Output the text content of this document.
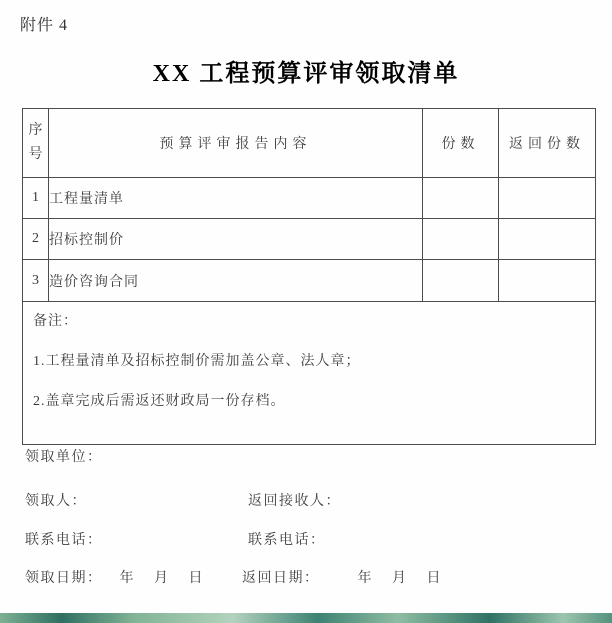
附件 4
XX 工程预算评审领取清单
序号	预算评审报告内容	份数	返回份数
1	工程量清单		
2	招标控制价		
3	造价咨询合同		

备注：

1.工程量清单及招标控制价需加盖公章、法人章；

2.盖章完成后需返还财政局一份存档。			

领取单位：
领取人：	返回接收人：
联系电话：	联系电话：
领取日期： 年 月 日	返回日期：	年 月 日
